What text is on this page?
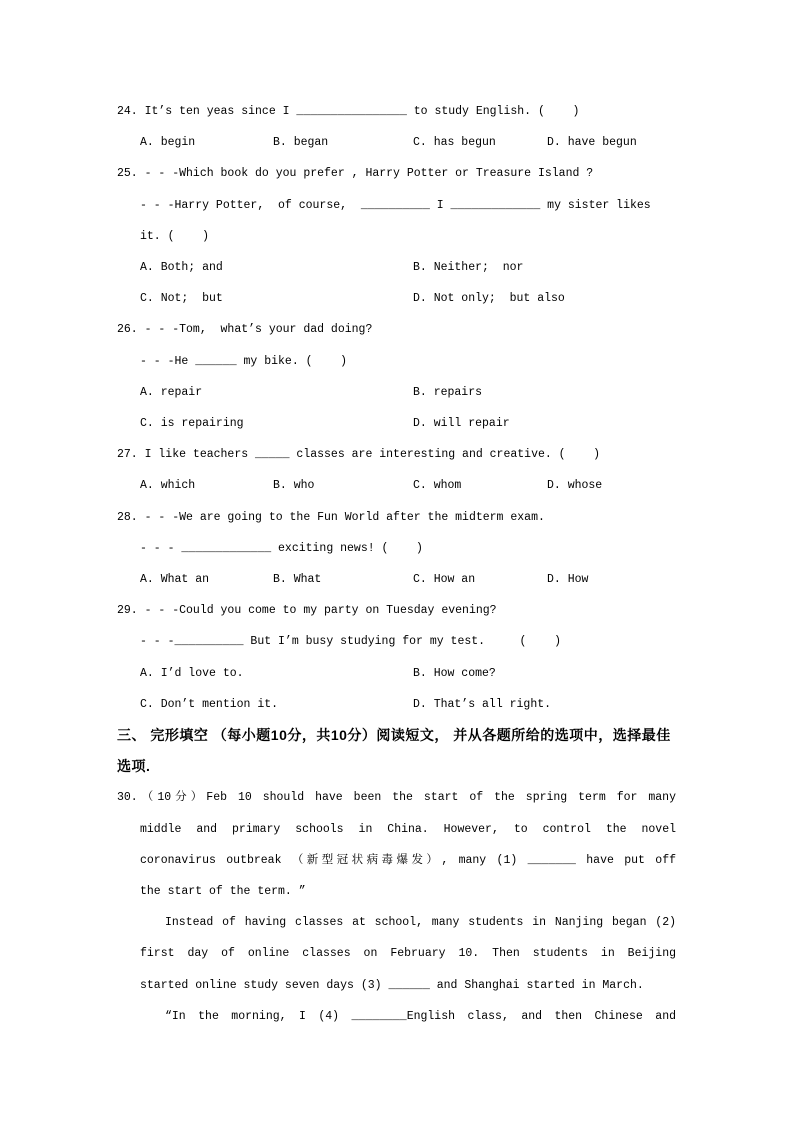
24. It’s ten yeas since I ________________ to study English. (    )
A. begin	B. began	C. has begun	D. have begun
25. - - -Which book do you prefer , Harry Potter or Treasure Island ?
- - -Harry Potter,  of course,  __________ I _____________ my sister likes
it. (    )
A. Both; and	B. Neither;  nor
C. Not;  but	D. Not only;  but also
26. - - -Tom,  what’s your dad doing?
- - -He ______ my bike. (    )
A. repair	B. repairs
C. is repairing	D. will repair
27. I like teachers _____ classes are interesting and creative. (    )
A. which	B. who	C. whom	D. whose
28. - - -We are going to the Fun World after the midterm exam.
- - - _____________ exciting news! (    )
A. What an	B. What	C. How an	D. How
29. - - -Could you come to my party on Tuesday evening?
- - -__________ But I’m busy studying for my test.     (    )
A. I’d love to.	B. How come?
C. Don’t mention it.	D. That’s all right.
三、 完形填空 （每小题10分，共10分）阅读短文， 并从各题所给的选项中，选择最佳
选项.
30.（10分）Feb 10 should have been the start of the spring term for many
middle and primary schools in China. However, to control the novel
coronavirus outbreak （新型冠状病毒爆发）, many (1) _______ have put off
the start of the term. ”
Instead of having classes at school, many students in Nanjing began (2)
first day of online classes on February 10. Then students in Beijing
started online study seven days (3) ______ and Shanghai started in March.
“In the morning, I (4) ________English class, and then Chinese and
